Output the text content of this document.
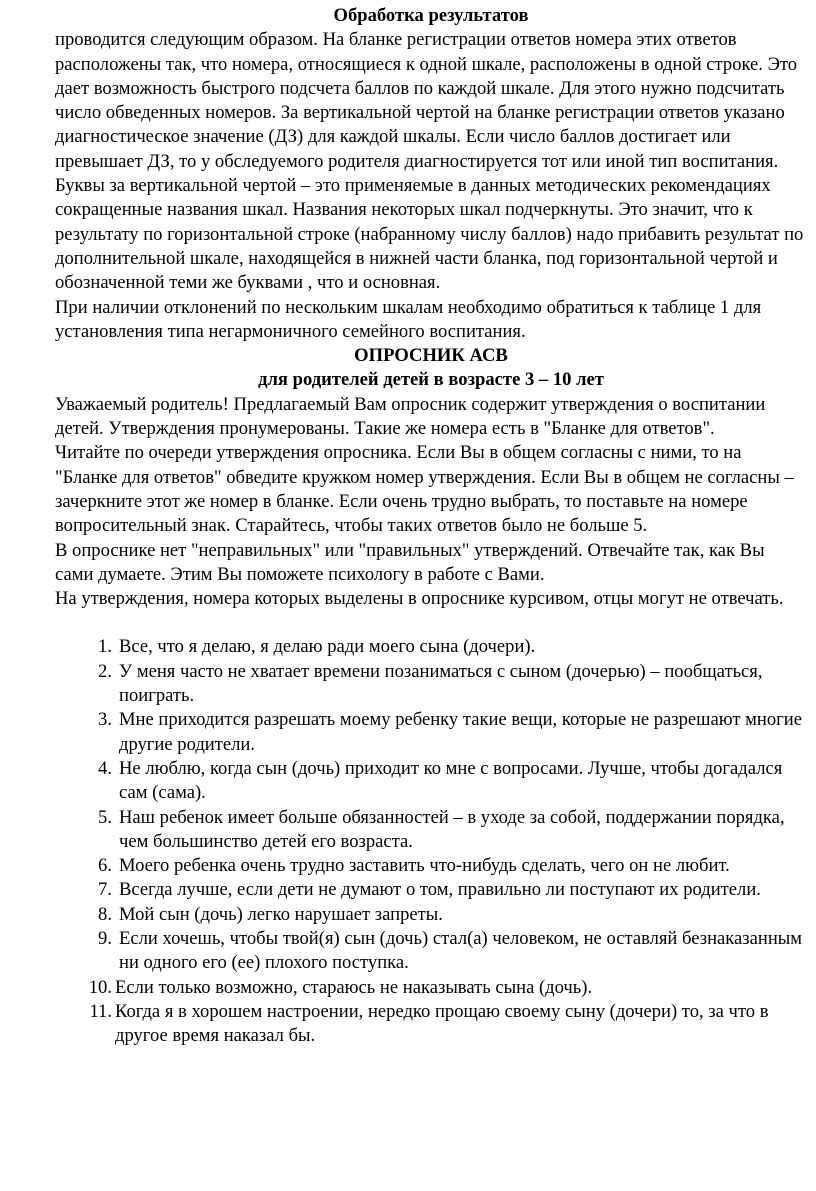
Обработка результатов

проводится следующим образом. На бланке регистрации ответов номера этих ответов расположены так, что номера, относящиеся к одной шкале, расположены в одной строке. Это дает возможность быстрого подсчета баллов по каждой шкале. Для этого нужно подсчитать число обведенных номеров. За вертикальной чертой на бланке регистрации ответов указано диагностическое значение (ДЗ) для каждой шкалы. Если число баллов достигает или превышает ДЗ, то у обследуемого родителя диагностируется тот или иной тип воспитания. Буквы за вертикальной чертой – это применяемые в данных методических рекомендациях сокращенные названия шкал. Названия некоторых шкал подчеркнуты. Это значит, что к результату по горизонтальной строке (набранному числу баллов) надо прибавить результат по дополнительной шкале, находящейся в нижней части бланка, под горизонтальной чертой и обозначенной теми же буквами , что и основная.

При наличии отклонений по нескольким шкалам необходимо обратиться к таблице 1 для установления типа негармоничного семейного воспитания.

ОПРОСНИК АСВ

для родителей детей в возрасте 3 – 10 лет

Уважаемый родитель! Предлагаемый Вам опросник содержит утверждения о воспитании детей. Утверждения пронумерованы. Такие же номера есть в "Бланке для ответов".

Читайте по очереди утверждения опросника. Если Вы в общем согласны с ними, то на "Бланке для ответов" обведите кружком номер утверждения. Если Вы в общем не согласны – зачеркните этот же номер в бланке. Если очень трудно выбрать, то поставьте на номере вопросительный знак. Старайтесь, чтобы таких ответов было не больше 5.

В опроснике нет "неправильных" или "правильных" утверждений. Отвечайте так, как Вы сами думаете. Этим Вы поможете психологу в работе с Вами.

На утверждения, номера которых выделены в опроснике курсивом, отцы могут не отвечать.

1. Все, что я делаю, я делаю ради моего сына (дочери).
2. У меня часто не хватает времени позаниматься с сыном (дочерью) – пообщаться, поиграть.
3. Мне приходится разрешать моему ребенку такие вещи, которые не разрешают многие другие родители.
4. Не люблю, когда сын (дочь) приходит ко мне с вопросами. Лучше, чтобы догадался сам (сама).
5. Наш ребенок имеет больше обязанностей – в уходе за собой, поддержании порядка, чем большинство детей его возраста.
6. Моего ребенка очень трудно заставить что-нибудь сделать, чего он не любит.
7. Всегда лучше, если дети не думают о том, правильно ли поступают их родители.
8. Мой сын (дочь) легко нарушает запреты.
9. Если хочешь, чтобы твой(я) сын (дочь) стал(а) человеком, не оставляй безнаказанным ни одного его (ее) плохого поступка.
10. Если только возможно, стараюсь не наказывать сына (дочь).
11. Когда я в хорошем настроении, нередко прощаю своему сыну (дочери) то, за что в другое время наказал бы.
